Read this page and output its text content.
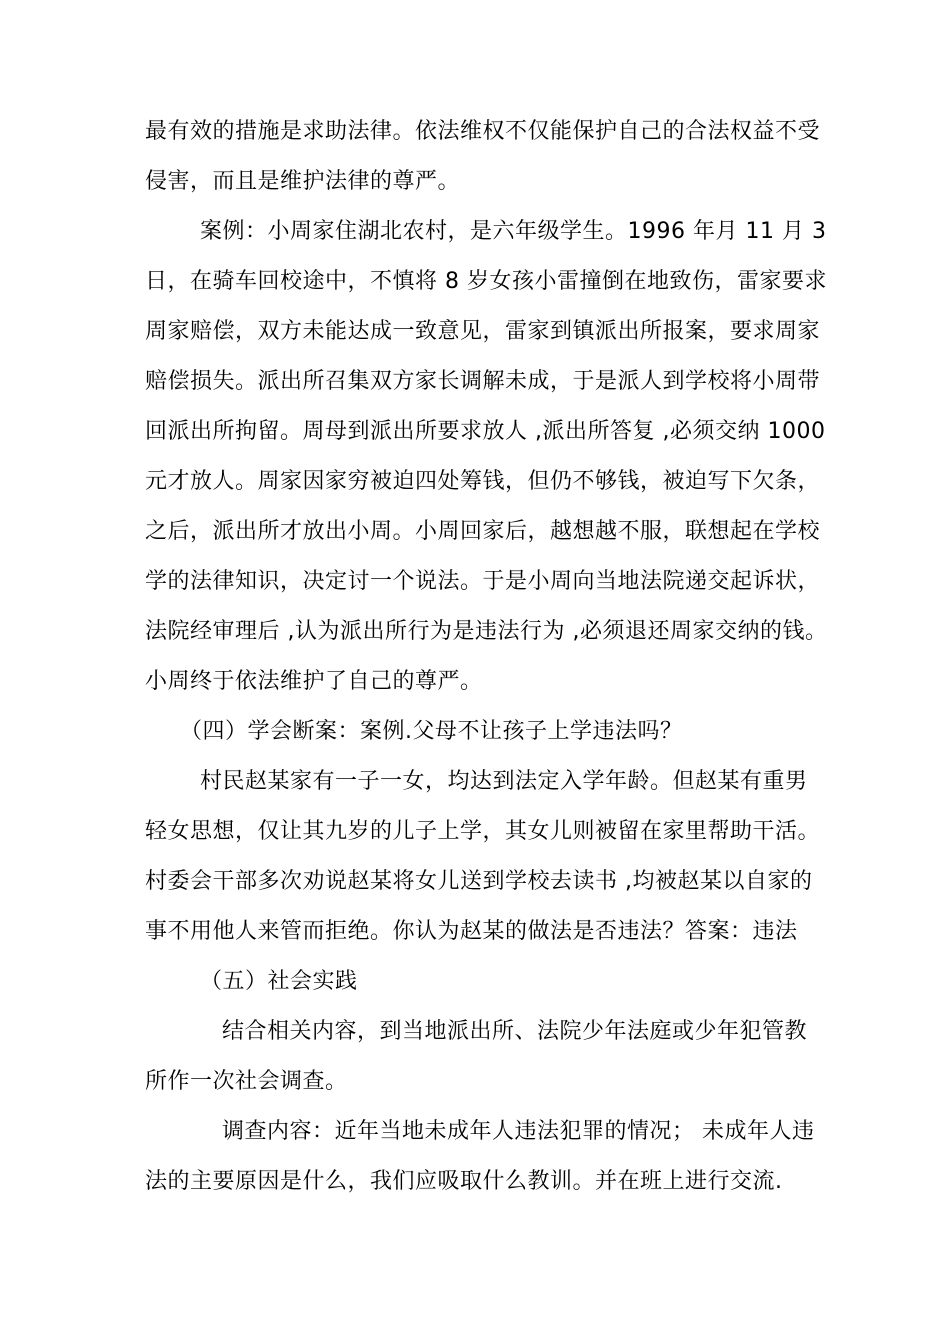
最有效的措施是求助法律。依法维权不仅能保护自己的合法权益不受
侵害，而且是维护法律的尊严。
案例：小周家住湖北农村，是六年级学生。1996 年月 11 月 3
日，在骑车回校途中，不慎将 8 岁女孩小雷撞倒在地致伤，雷家要求
周家赔偿，双方未能达成一致意见，雷家到镇派出所报案，要求周家
赔偿损失。派出所召集双方家长调解未成，于是派人到学校将小周带
回派出所拘留。周母到派出所要求放人 ,派出所答复 ,必须交纳 1000
元才放人。周家因家穷被迫四处筹钱，但仍不够钱，被迫写下欠条，
之后，派出所才放出小周。小周回家后，越想越不服，联想起在学校
学的法律知识，决定讨一个说法。于是小周向当地法院递交起诉状，
法院经审理后 ,认为派出所行为是违法行为 ,必须退还周家交纳的钱。
小周终于依法维护了自己的尊严。
（四）学会断案：案例.父母不让孩子上学违法吗？
村民赵某家有一子一女，均达到法定入学年龄。但赵某有重男
轻女思想，仅让其九岁的儿子上学，其女儿则被留在家里帮助干活。
村委会干部多次劝说赵某将女儿送到学校去读书 ,均被赵某以自家的
事不用他人来管而拒绝。你认为赵某的做法是否违法？答案：违法
（五）社会实践
结合相关内容，到当地派出所、法院少年法庭或少年犯管教
所作一次社会调查。
调查内容：近年当地未成年人违法犯罪的情况； 未成年人违
法的主要原因是什么，我们应吸取什么教训。并在班上进行交流.
